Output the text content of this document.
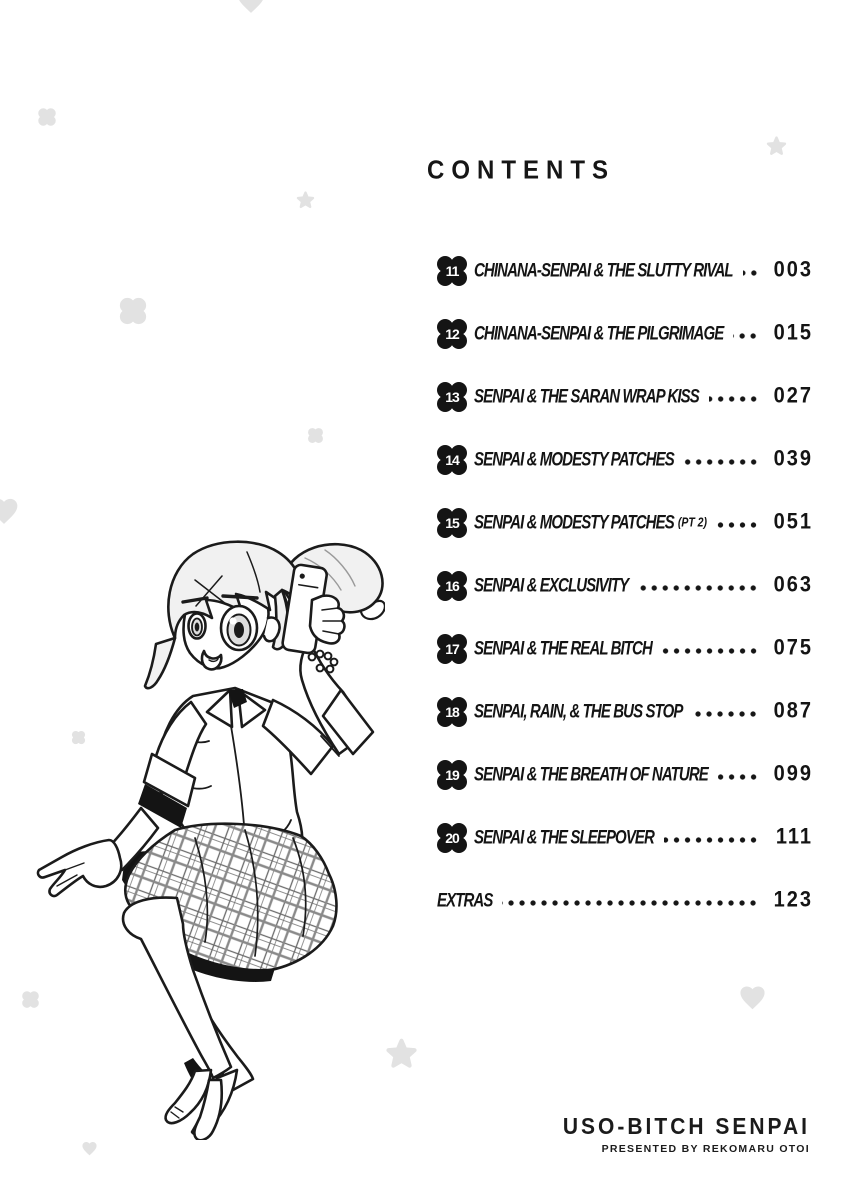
CONTENTS
11	CHINANA-SENPAI & THE SLUTTY RIVAL	003
12	CHINANA-SENPAI & THE PILGRIMAGE	015
13	SENPAI & THE SARAN WRAP KISS	027
14	SENPAI & MODESTY PATCHES	039
15	SENPAI & MODESTY PATCHES (PT 2)	051
16	SENPAI & EXCLUSIVITY	063
17	SENPAI & THE REAL BITCH	075
18	SENPAI, RAIN, & THE BUS STOP	087
19	SENPAI & THE BREATH OF NATURE	099
20	SENPAI & THE SLEEPOVER	111
EXTRAS	123
USO-BITCH SENPAI
PRESENTED BY REKOMARU OTOI
